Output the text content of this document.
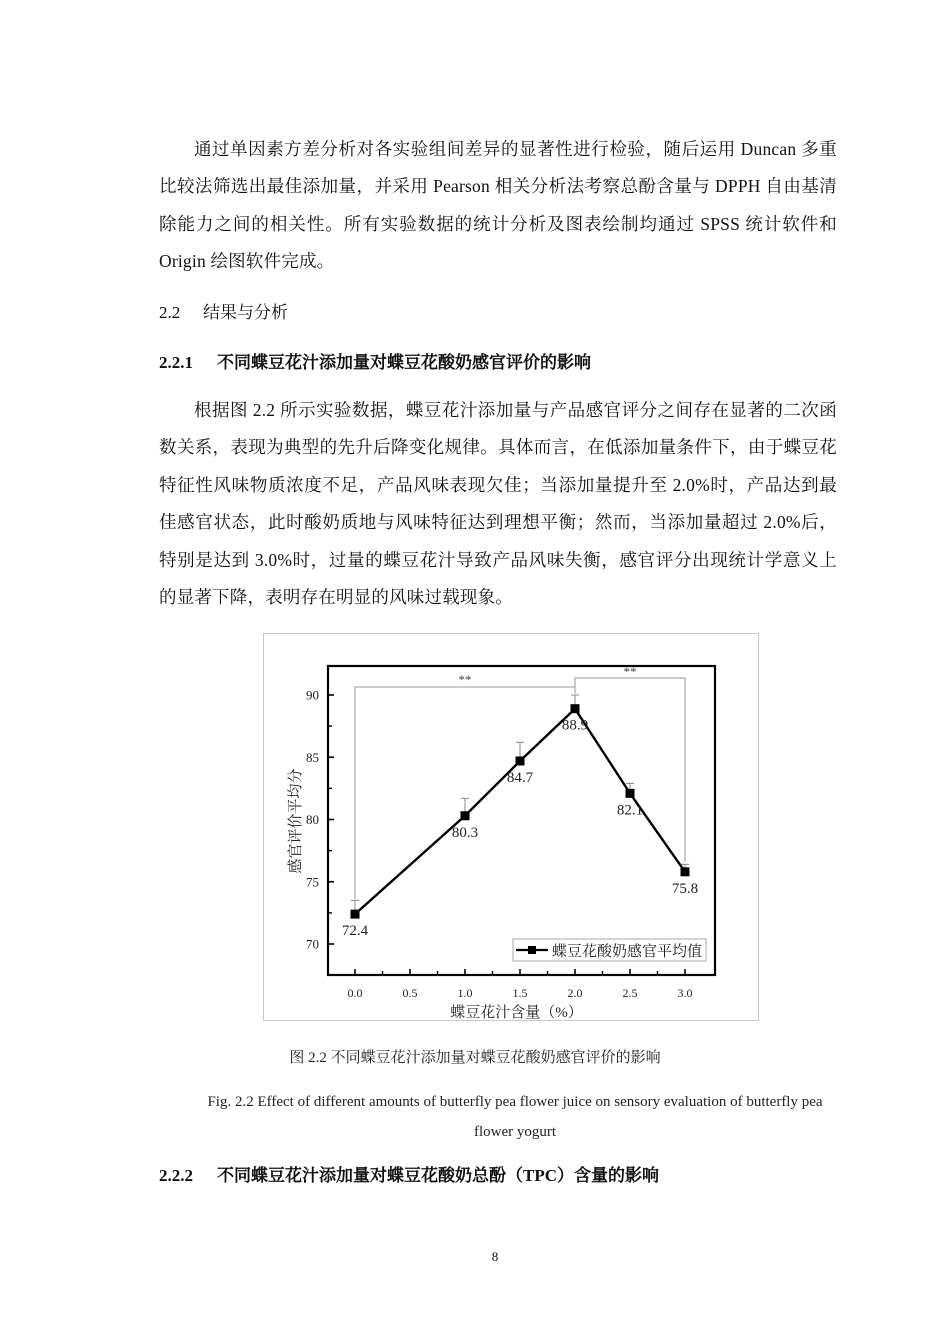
通过单因素方差分析对各实验组间差异的显著性进行检验，随后运用 Duncan 多重比较法筛选出最佳添加量，并采用 Pearson 相关分析法考察总酚含量与 DPPH 自由基清除能力之间的相关性。所有实验数据的统计分析及图表绘制均通过 SPSS 统计软件和 Origin 绘图软件完成。

2.2 结果与分析
2.2.1 不同蝶豆花汁添加量对蝶豆花酸奶感官评价的影响

根据图 2.2 所示实验数据，蝶豆花汁添加量与产品感官评分之间存在显著的二次函数关系，表现为典型的先升后降变化规律。具体而言，在低添加量条件下，由于蝶豆花特征性风味物质浓度不足，产品风味表现欠佳；当添加量提升至 2.0%时，产品达到最佳感官状态，此时酸奶质地与风味特征达到理想平衡；然而，当添加量超过 2.0%后，特别是达到 3.0%时，过量的蝶豆花汁导致产品风味失衡，感官评分出现统计学意义上的显著下降，表明存在明显的风味过载现象。

70
75
80
85
90
0.0	0.5	1.0	1.5	2.0	2.5	3.0
蝶豆花汁含量（%）
感官评价平均分
**
**
72.4
80.3
84.7
88.9
82.1
75.8
蝶豆花酸奶感官平均值
图 2.2 不同蝶豆花汁添加量对蝶豆花酸奶感官评价的影响
Fig. 2.2 Effect of different amounts of butterfly pea flower juice on sensory evaluation of butterfly pea flower yogurt
2.2.2 不同蝶豆花汁添加量对蝶豆花酸奶总酚（TPC）含量的影响
8
